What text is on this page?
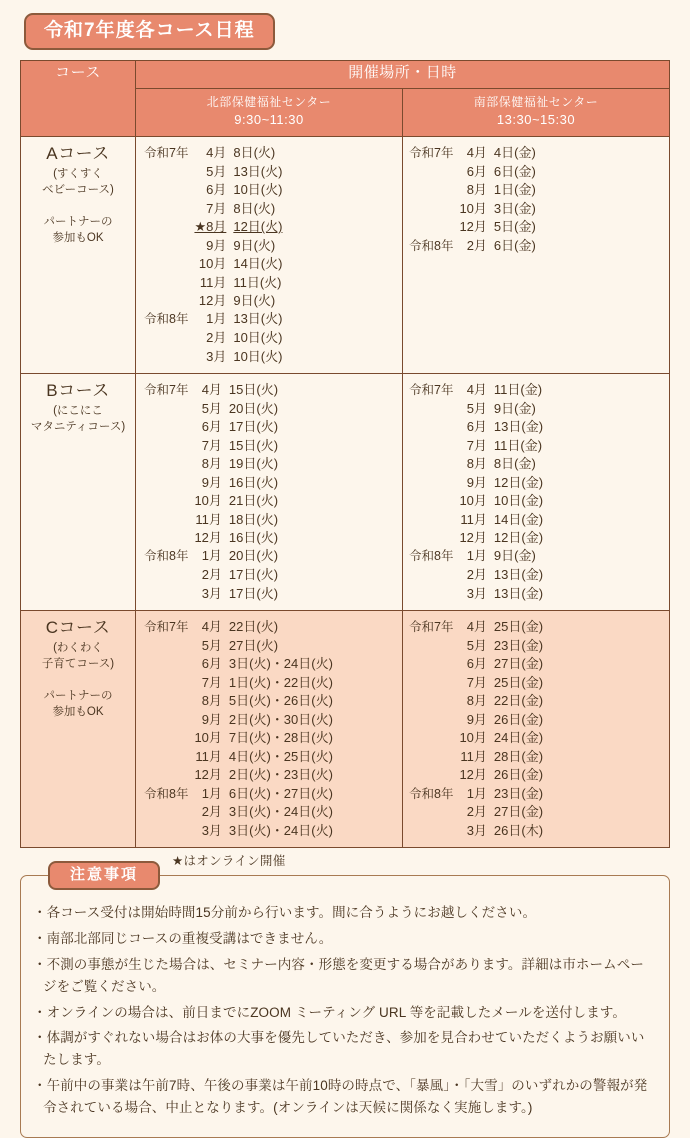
令和7年度各コース日程
コース	開催場所・日時	

北部保健福祉センター
9:30~11:30

南部保健福祉センター
13:30~15:30

Aコース
(すくすく
ベビーコース)
パートナーの
参加もOK

令和7年	4月	8日(火)
	5月	13日(火)
	6月	10日(火)
	7月	8日(火)
	★8月	12日(火)
	9月	9日(火)
	10月	14日(火)
	11月	11日(火)
	12月	9日(火)
令和8年	1月	13日(火)
	2月	10日(火)
	3月	10日(火)

令和7年	4月	4日(金)
	6月	6日(金)
	8月	1日(金)
	10月	3日(金)
	12月	5日(金)
令和8年	2月	6日(金)

Bコース
(にこにこ
マタニティコース)

令和7年	4月	15日(火)
	5月	20日(火)
	6月	17日(火)
	7月	15日(火)
	8月	19日(火)
	9月	16日(火)
	10月	21日(火)
	11月	18日(火)
	12月	16日(火)
令和8年	1月	20日(火)
	2月	17日(火)
	3月	17日(火)

令和7年	4月	11日(金)
	5月	9日(金)
	6月	13日(金)
	7月	11日(金)
	8月	8日(金)
	9月	12日(金)
	10月	10日(金)
	11月	14日(金)
	12月	12日(金)
令和8年	1月	9日(金)
	2月	13日(金)
	3月	13日(金)

Cコース
(わくわく
子育てコース)
パートナーの
参加もOK

令和7年	4月	22日(火)
	5月	27日(火)
	6月	3日(火)・24日(火)
	7月	1日(火)・22日(火)
	8月	5日(火)・26日(火)
	9月	2日(火)・30日(火)
	10月	7日(火)・28日(火)
	11月	4日(火)・25日(火)
	12月	2日(火)・23日(火)
令和8年	1月	6日(火)・27日(火)
	2月	3日(火)・24日(火)
	3月	3日(火)・24日(火)

令和7年	4月	25日(金)
	5月	23日(金)
	6月	27日(金)
	7月	25日(金)
	8月	22日(金)
	9月	26日(金)
	10月	24日(金)
	11月	28日(金)
	12月	26日(金)
令和8年	1月	23日(金)
	2月	27日(金)
	3月	26日(木)
★はオンライン開催
注意事項
・ 各コース受付は開始時間15分前から行います。間に合うようにお越しください。
・ 南部北部同じコースの重複受講はできません。
・ 不測の事態が生じた場合は、セミナー内容・形態を変更する場合があります。詳細は市ホームページをご覧ください。
・ オンラインの場合は、前日までにZOOM ミーティング URL 等を記載したメールを送付します。
・ 体調がすぐれない場合はお体の大事を優先していただき、参加を見合わせていただくようお願いいたします。
・ 午前中の事業は午前7時、午後の事業は午前10時の時点で、「暴風」・「大雪」のいずれかの警報が発令されている場合、中止となります。(オンラインは天候に関係なく実施します。)
